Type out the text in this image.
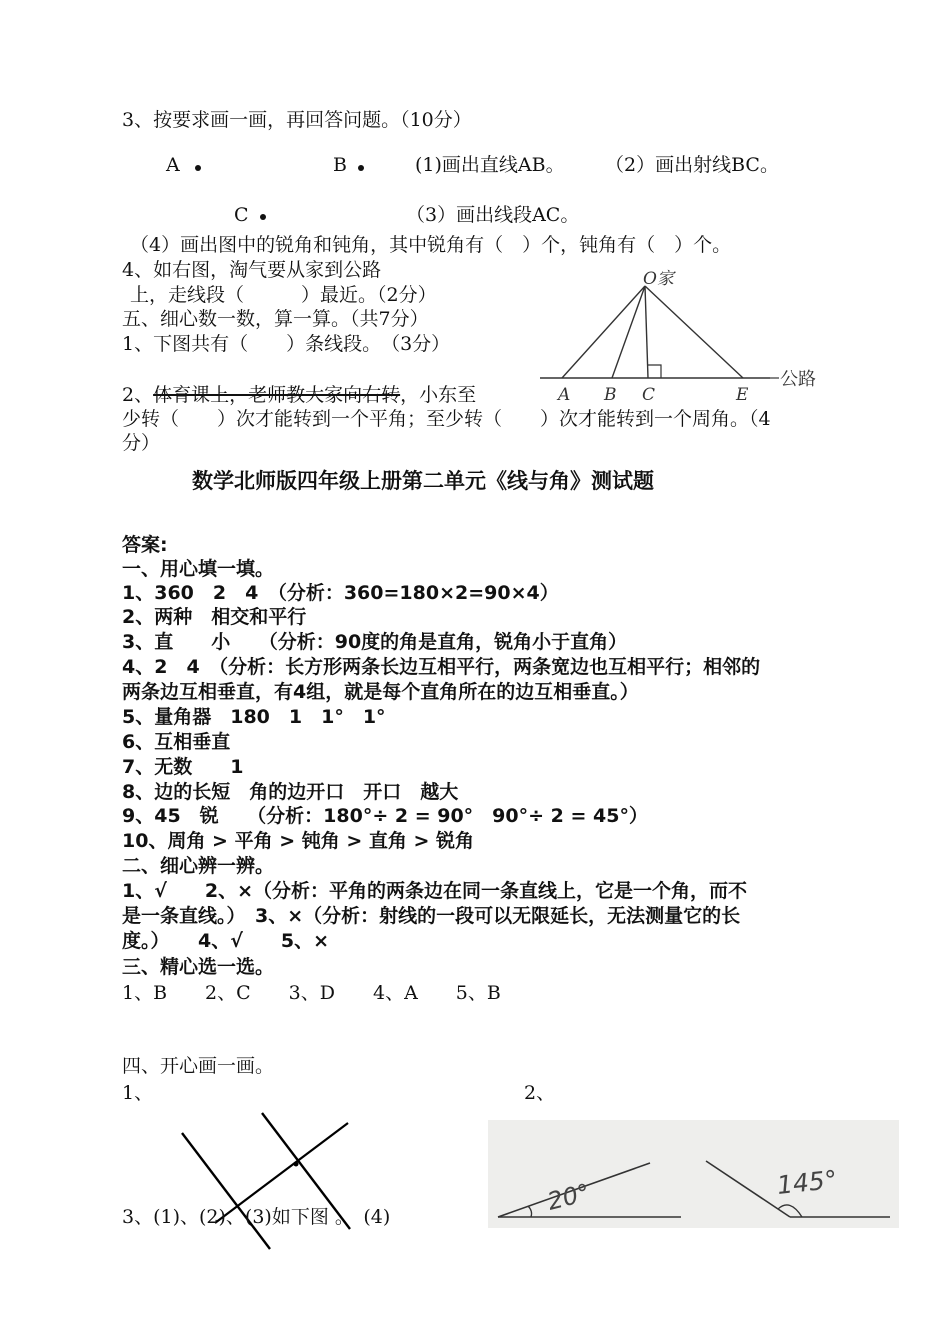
3、按要求画一画，再回答问题。（10分）
A	B	(1)画出直线AB。 （2）画出射线BC。
C	（3）画出线段AC。
（4）画出图中的锐角和钝角，其中锐角有（　）个，钝角有（　）个。
4、如右图，淘气要从家到公路
上，走线段（　　　）最近。（2分）
五、细心数一数，算一算。（共7分）
1、下图共有（　　）条线段。　（3分）
2、体育课上，老师教大家向右转，小东至
少转（　　）次才能转到一个平角；至少转（　　）次才能转到一个周角。（4
分）
O家
公路
A B C	E
数学北师版四年级上册第二单元《线与角》测试题
答案:
一、用心填一填。
1、360　2　4　（分析：360=180×2=90×4）
2、两种　相交和平行
3、直　　小　　（分析：90度的角是直角，锐角小于直角）
4、2　4　（分析：长方形两条长边互相平行，两条宽边也互相平行；相邻的
两条边互相垂直，有4组，就是每个直角所在的边互相垂直。）
5、量角器　180　1　1°　1°
6、互相垂直
7、无数　　1
8、边的长短　角的边开口　开口　越大
9、45　锐　　（分析：180°÷ 2 = 90°　90°÷ 2 = 45°）
10、周角 > 平角 > 钝角 > 直角 > 锐角
二、细心辨一辨。
1、√　　2、×（分析：平角的两条边在同一条直线上，它是一个角，而不
是一条直线。）　3、×（分析：射线的一段可以无限延长，无法测量它的长
度。）　　4、√　　5、×
三、精心选一选。
1、B　　2、C　　3、D　　4、A　　5、B
四、开心画一画。
1、	2、
3、(1)、(2)、(3)如下图 。　(4)
20°	145°
